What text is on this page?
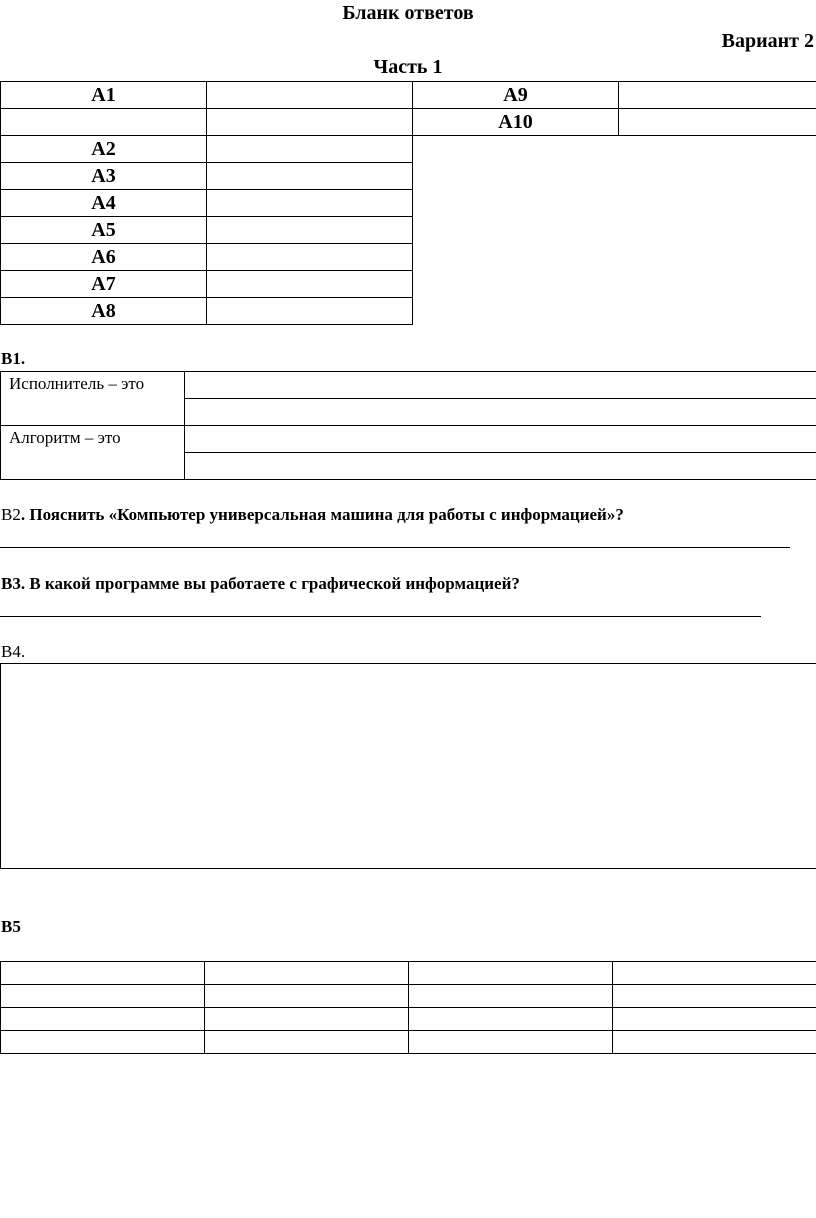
Бланк ответов
Вариант 2
Часть 1
A1		A9	
		A10	
A2			
A3			
A4			
A5			
A6			
A7			
A8			
B1.
Исполнитель – это	

Алгоритм – это	

B2. Пояснить «Компьютер универсальная машина для работы с информацией»?
B3. В какой программе вы работаете с графической информацией?
B4.
B5
